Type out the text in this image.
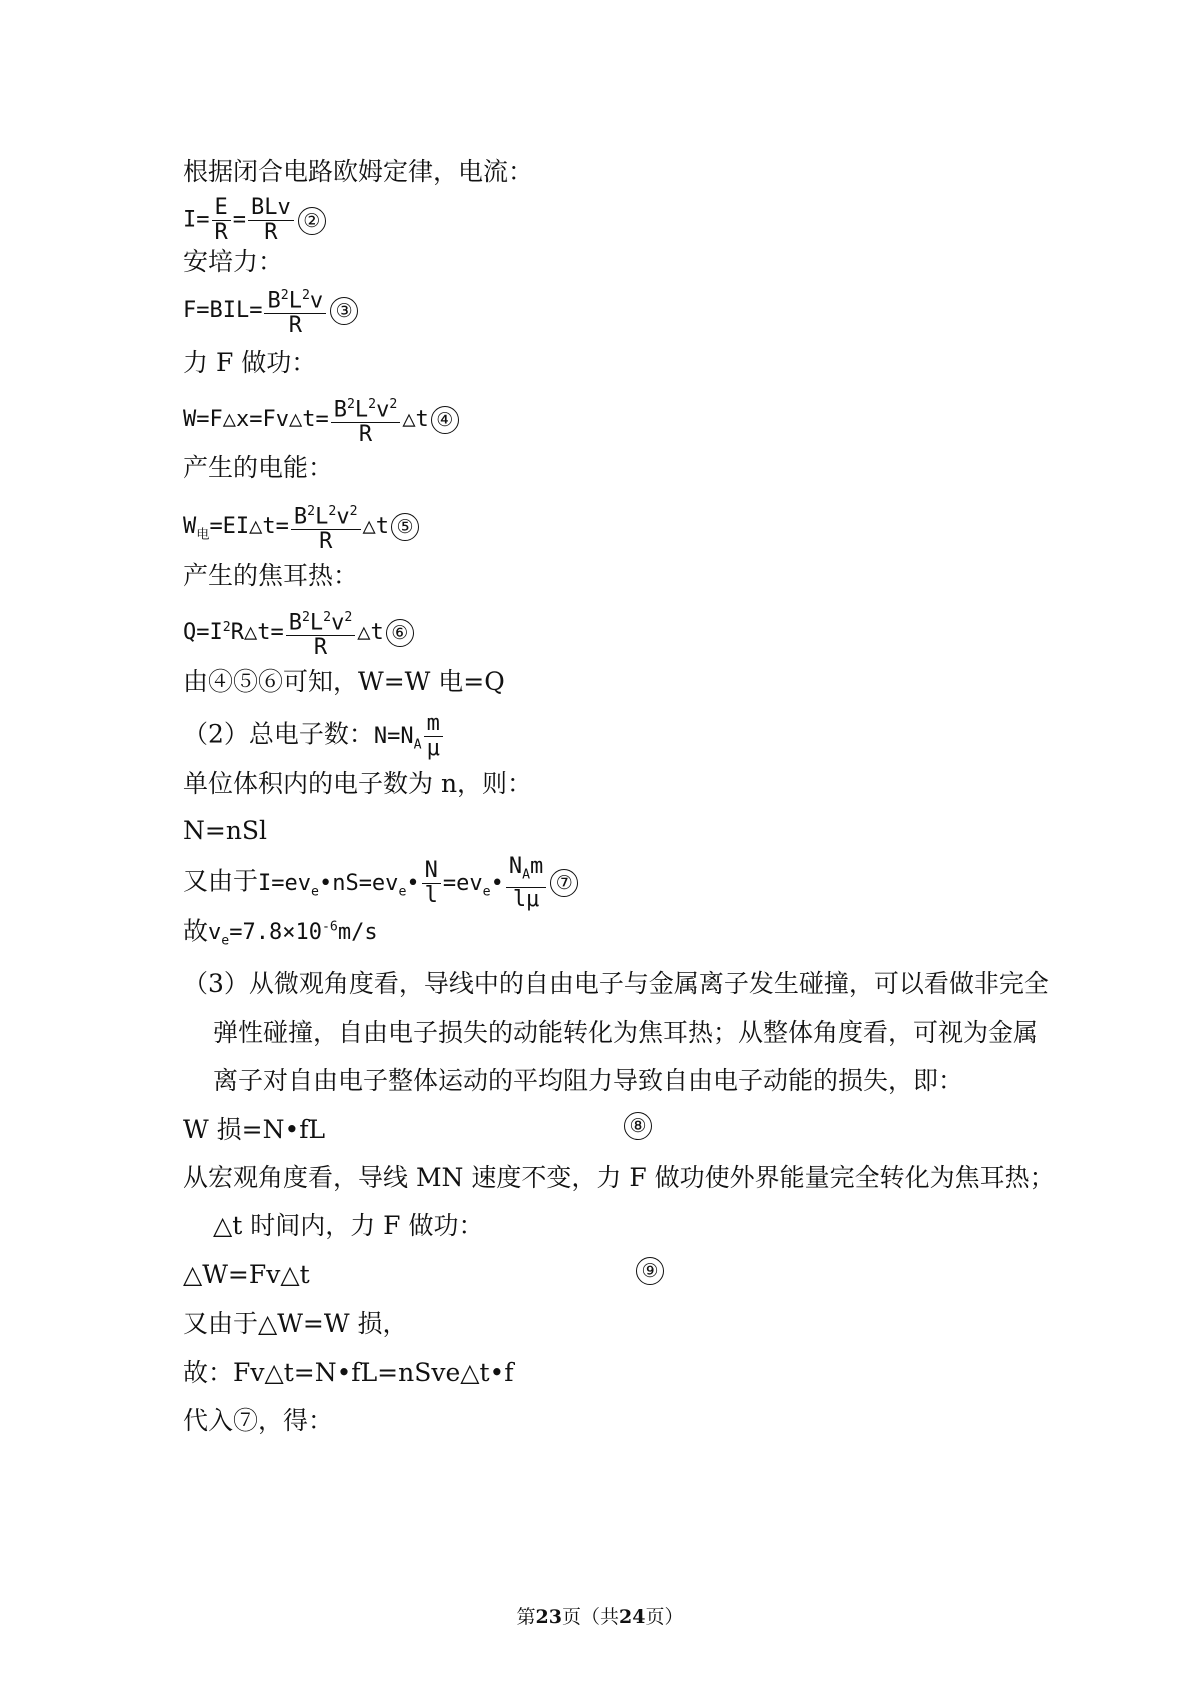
根据闭合电路欧姆定律，电流：
$I= \frac{E}{R} = \frac{\text{BLv}}{R}$ ②
安培力：
$F=BIL= \frac{B^2L^2v}{R}$ ③
力 F 做功：
W=F△x=Fv△t= $\frac{B^2L^2v^2}{R}$ △t ④
产生的电能：
$W_电=EI\triangle t= \frac{B^2L^2v^2}{R}$ △t ⑤
产生的焦耳热：
$Q=I^2R\triangle t= \frac{B^2L^2v^2}{R}$ △t ⑥
由④⑤⑥可知，W=W 电=Q
（2）总电子数：$N=N_A \frac{m}{\mu}$
单位体积内的电子数为 n，则：
N=nSl
又由于$I=ev_e•nS=ev_e• \frac{N}{l}$ $=ev_e• \frac{N_Am}{l\mu}$ ⑦
故$v_e=7.8\times 10^{-6}m/s$
（3）从微观角度看，导线中的自由电子与金属离子发生碰撞，可以看做非完全
弹性碰撞，自由电子损失的动能转化为焦耳热；从整体角度看，可视为金属
离子对自由电子整体运动的平均阻力导致自由电子动能的损失，即：
W 损=N•fL	⑧
从宏观角度看，导线 MN 速度不变，力 F 做功使外界能量完全转化为焦耳热；
△t 时间内，力 F 做功：
△W=Fv△t	⑨
又由于△W=W 损，
故：Fv△t=N•fL=nSve△t•f
代入⑦，得：
第23页（共24页）
